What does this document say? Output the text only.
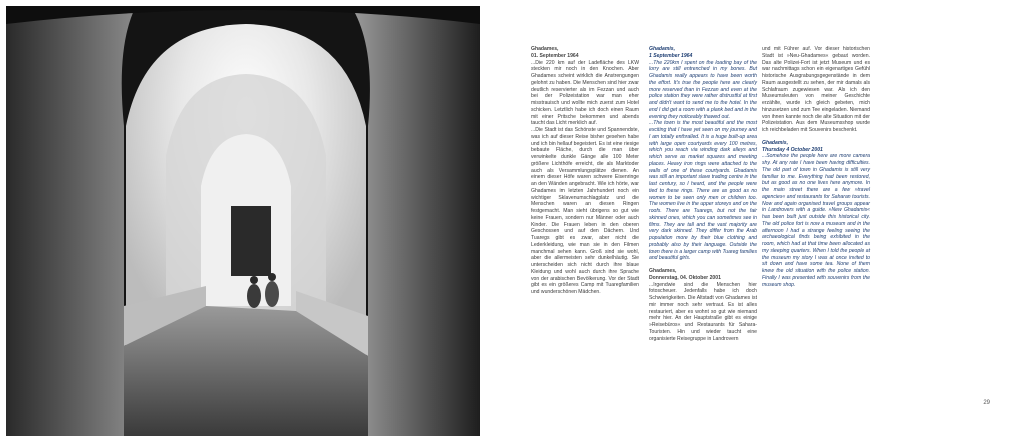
Ghadames,
01. September 1964
...Die 220 km auf der Ladefläche des LKW steckten mir noch in den Knochen. Aber Ghadames scheint wirklich die Anstrengungen gelohnt zu haben. Die Menschen sind hier zwar deutlich reservierter als im Fezzan und auch bei der Polizeistation war man eher misstrauisch und wollte mich zuerst zum Hotel schicken. Letztlich habe ich doch einen Raum mit einer Pritsche bekommen und abends taucht das Licht merklich auf.
...Die Stadt ist das Schönste und Spannendste, was ich auf dieser Reise bisher gesehen habe und ich bin hellauf begeistert. Es ist eine riesige bebaute Fläche, durch die man über verwinkelte dunkle Gänge alle 100 Meter größere Lichthöfe erreicht, die als Marktoder auch als Versammlungsplätze dienen. An einem dieser Höfe waren schwere Eisenringe an den Wänden angebracht. Wie ich hörte, war Ghadames im letzten Jahrhundert noch ein wichtiger Sklavenumschlagplatz und die Menschen waren an diesen Ringen festgemacht. Man sieht übrigens so gut wie keine Frauen, sondern nur Männer oder auch Kinder. Die Frauen leben in den oberen Geschossen und auf den Dächern. Und Tuaregs gibt es zwar, aber nicht die Lederkleidung, wie man sie in den Filmen manchmal sehen kann. Groß sind sie wohl, aber die allermeisten sehr dunkelhäutig. Sie unterscheiden sich nicht durch ihre blaue Kleidung und wohl auch durch ihre Sprache von der arabischen Bevölkerung. Vor der Stadt gibt es ein größeres Camp mit Tuaregfamilien und wunderschönen Mädchen.
Ghadamis,
1 September 1964
...The 220km I spent on the loading bay of the lorry are still entrenched in my bones. But Ghadamis really appears to have been worth the effort. It's true the people here are clearly more reserved than in Fezzan and even at the police station they were rather distrustful at first and didn't want to send me to the hotel. In the end I did get a room with a plank bed and in the evening they noticeably thawed out.
...The town is the most beautiful and the most exciting that I have yet seen on my journey and I am totally enthralled. It is a huge built-up area with large open courtyards every 100 metres, which you reach via winding dark alleys and which serve as market squares and meeting places. Heavy iron rings were attached to the walls of one of these courtyards. Ghadamis was still an important slave trading centre in the last century, so I heard, and the people were tied to these rings. There are as good as no women to be seen only men or children too. The women live in the upper storeys and on the roofs. There are Tuaregs, but not the fair skinned ones, which you can sometimes see in films. They are tall and the vast majority are very dark skinned. They differ from the Arab population more by their blue clothing and probably also by their language. Outside the town there is a larger camp with Tuareg families and beautiful girls.
Ghadames,
Donnerstag, 04. Oktober 2001
...Irgendwie sind die Menschen hier fotoscheuer. Jedenfalls habe ich doch Schwierigkeiten. Die Altstadt von Ghadames ist mir immer noch sehr vertraut. Es ist alles restauriert, aber es wohnt so gut wie niemand mehr hier. An der Hauptstraße gibt es einige »Reisebüros« und Restaurants für Sahara-Touristen. Hin und wieder taucht eine organisierte Reisegruppe in Landrovern
und mit Führer auf. Vor dieser historischen Stadt ist »Neu-Ghadames« gebaut worden. Das alte Polizei-Fort ist jetzt Museum und es war nachmittags schon ein eigenartiges Gefühl historische Ausgrabungsgegenstände in dem Raum ausgestellt zu sehen, der mir damals als Schlafraum zugewiesen war. Als ich den Museumsleuten von meiner Geschichte erzählte, wurde ich gleich gebeten, mich hinzusetzen und zum Tee eingeladen. Niemand von ihnen kannte noch die alte Situation mit der Polizeistation. Aus dem Museumsshop wurde ich reichbeladen mit Souvenirs beschenkt.
Ghadamis,
Thursday 4 October 2001
...Somehow the people here are more camera shy. At any rate I have been having difficulties. The old part of town in Ghadamis is still very familiar to me. Everything had been restored, but as good as no one lives here anymore. In the main street there are a few »travel agencies« and restaurants for Saharan tourists. Now and again organised travel groups appear in Landrovers with a guide. »New Ghadamis« has been built just outside this historical city. The old police fort is now a museum and in the afternoon I had a strange feeling seeing the archaeological finds being exhibited in the room, which had at that time been allocated as my sleeping quarters. When I told the people at the museum my story I was at once invited to sit down and have some tea. None of them knew the old situation with the police station. Finally I was presented with souvenirs from the museum shop.
29
